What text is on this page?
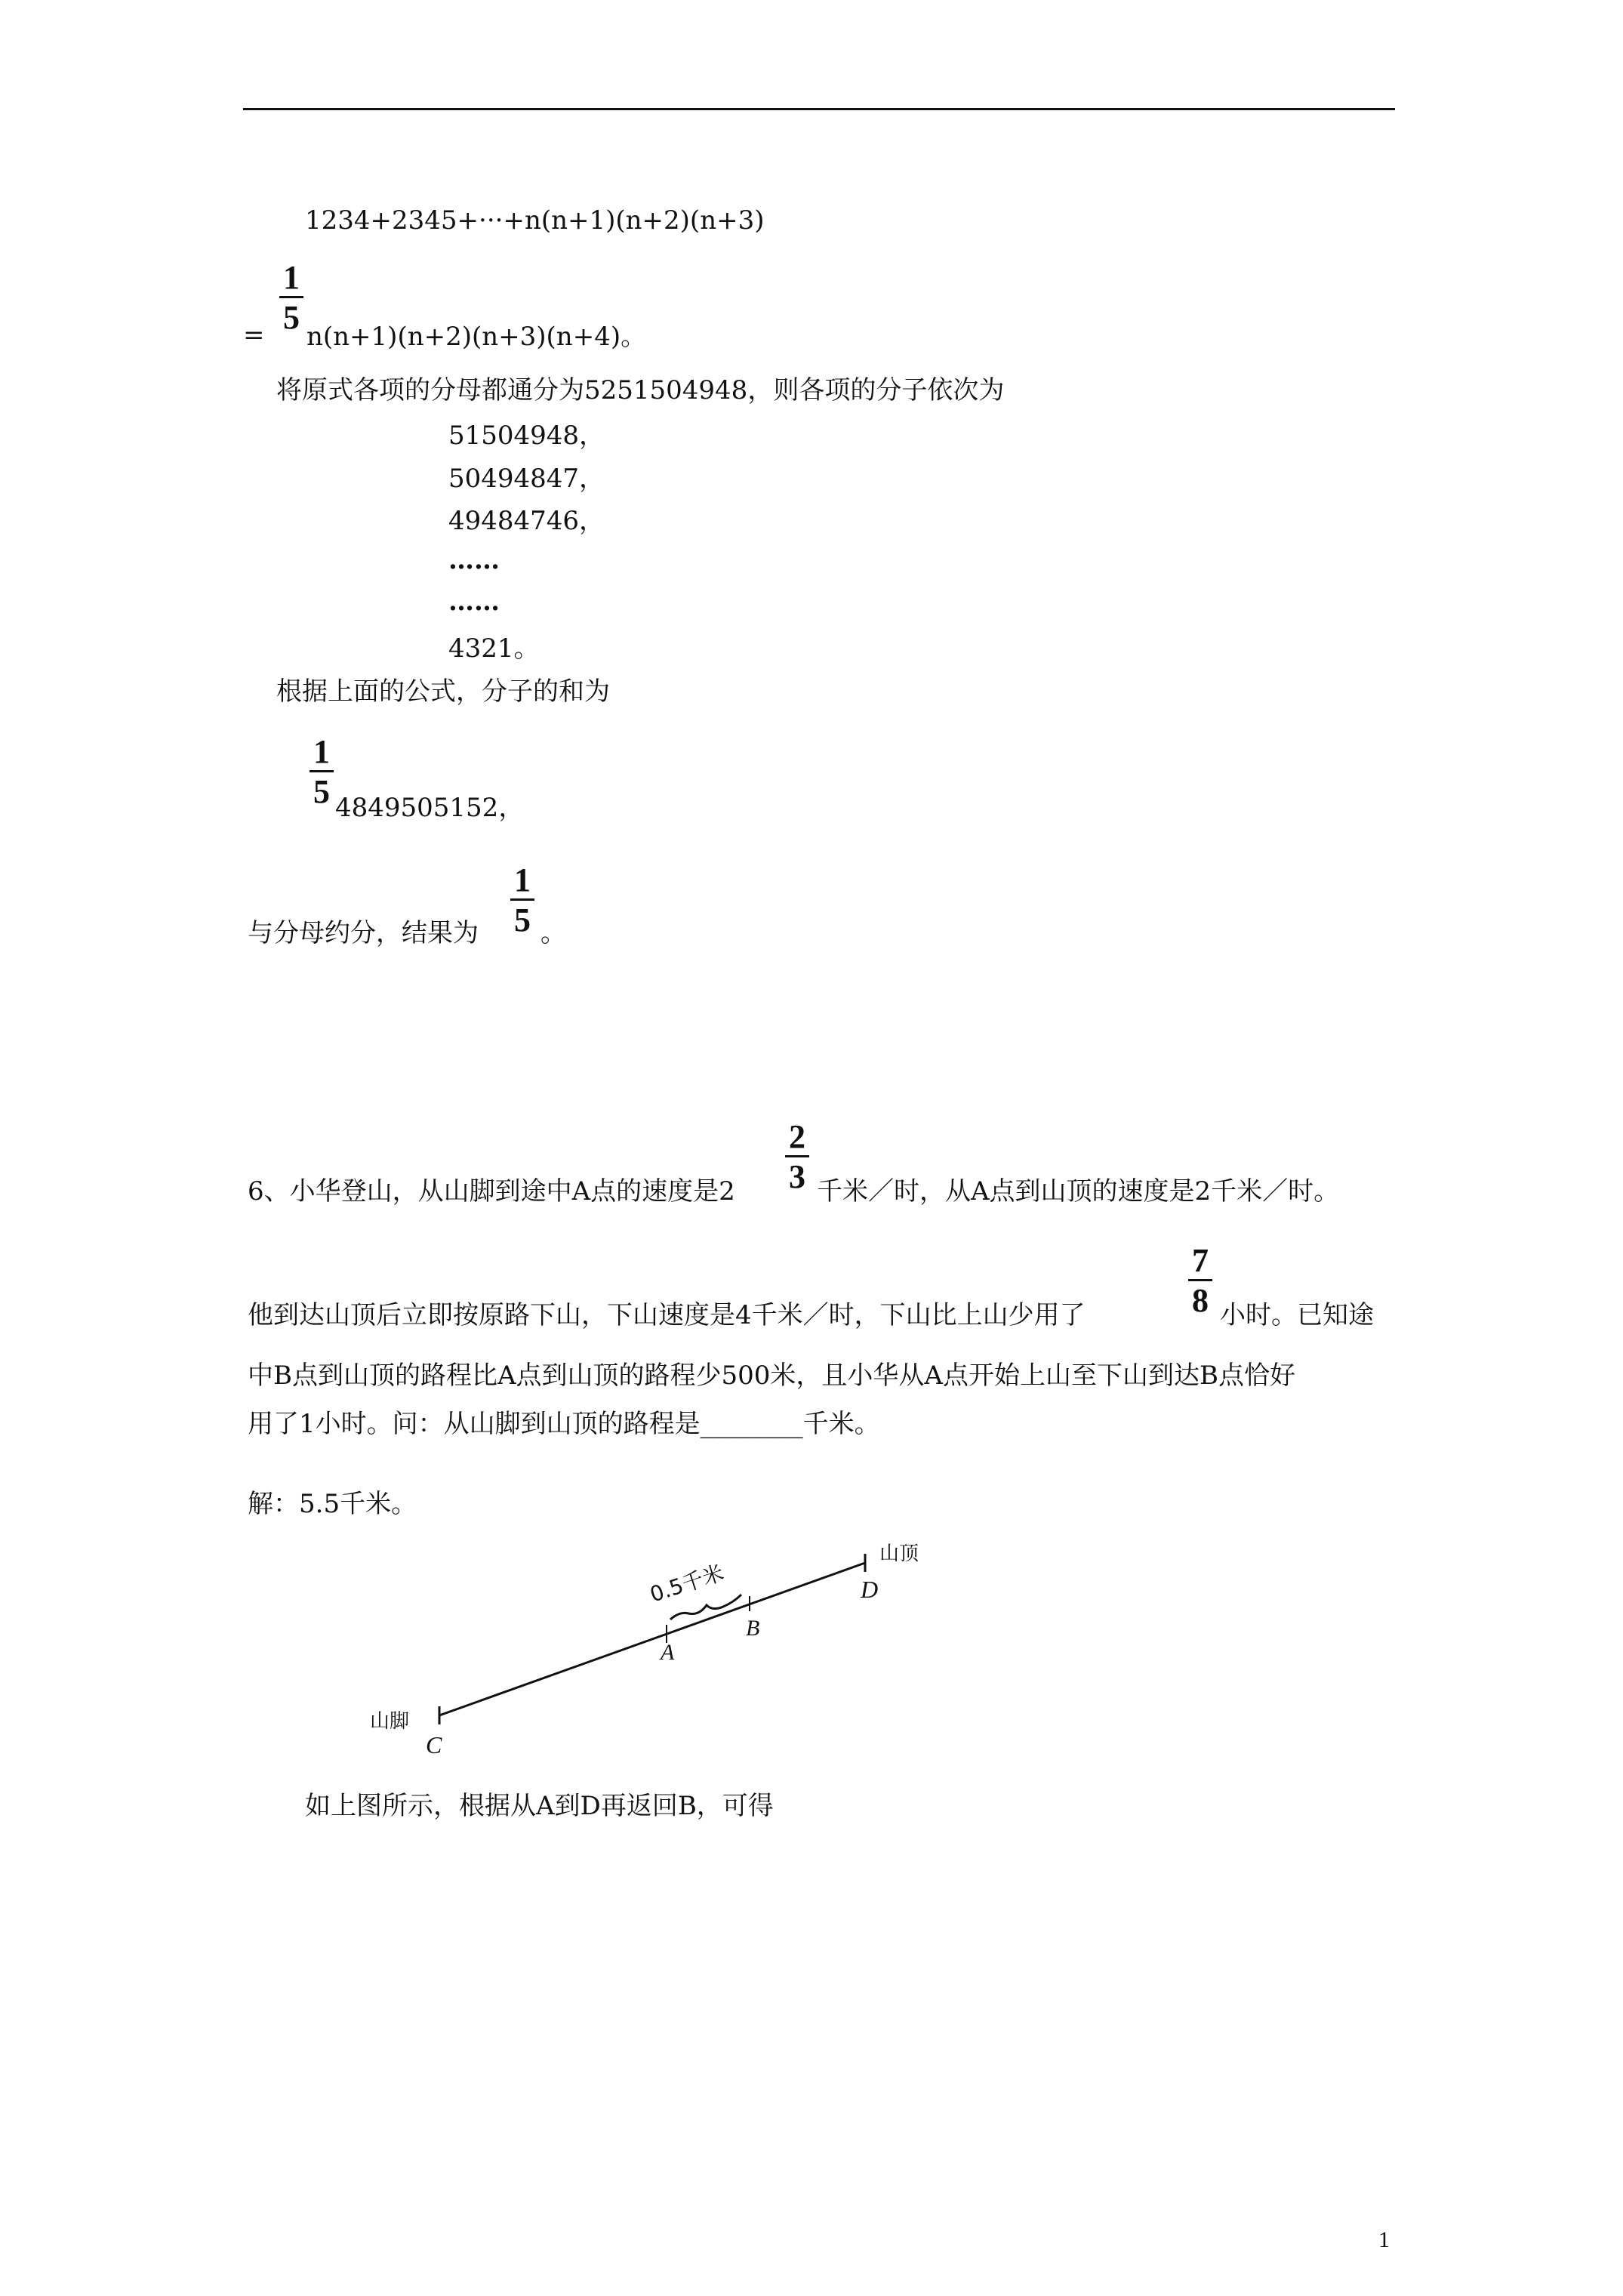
1234+2345+···+n(n+1)(n+2)(n+3)
=
1
5
n(n+1)(n+2)(n+3)(n+4)。
将原式各项的分母都通分为5251504948，则各项的分子依次为
51504948，
50494847，
49484746，
……
……
4321。
根据上面的公式，分子的和为
1
5 4849505152，
与分母约分，结果为
1
5 。
6、小华登山，从山脚到途中A点的速度是2
2
3 千米／时，从A点到山顶的速度是2千米／时。
他到达山顶后立即按原路下山，下山速度是4千米／时，下山比上山少用了
7
8 小时。已知途
中B点到山顶的路程比A点到山顶的路程少500米，且小华从A点开始上山至下山到达B点恰好
用了1小时。问：从山脚到山顶的路程是________千米。
解：5.5千米。
0.5千米
山顶
D
B
A
山脚
C
如上图所示，根据从A到D再返回B，可得
1
